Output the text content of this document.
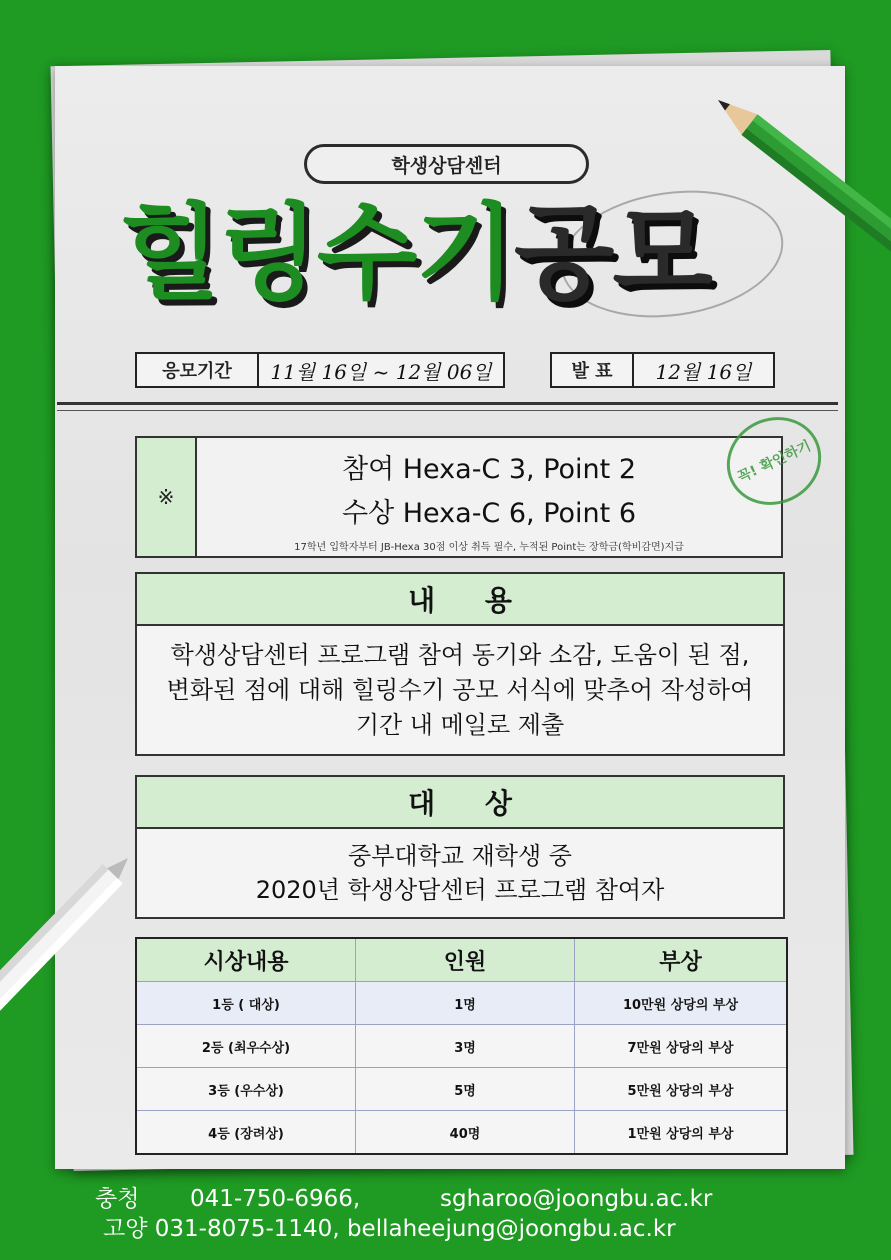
학생상담센터
힐링수기공모
응모기간	11월 16일 ~ 12월 06일	발 표	12월 16일
※
참여 Hexa-C 3, Point 2
수상 Hexa-C 6, Point 6
17학년 입학자부터 JB-Hexa 30점 이상 취득 필수, 누적된 Point는 장학금(학비감면)지급
꼭! 확인하기
내 용
학생상담센터 프로그램 참여 동기와 소감, 도움이 된 점,
변화된 점에 대해 힐링수기 공모 서식에 맞추어 작성하여
기간 내 메일로 제출
대 상
중부대학교 재학생 중
2020년 학생상담센터 프로그램 참여자
시상내용	인원	부상
1등 ( 대상)	1명	10만원 상당의 부상
2등 (최우수상)	3명	7만원 상당의 부상
3등 (우수상)	5명	5만원 상당의 부상
4등 (장려상)	40명	1만원 상당의 부상
충청 041-750-6966,	sgharoo@joongbu.ac.kr
고양 031-8075-1140, bellaheejung@joongbu.ac.kr
